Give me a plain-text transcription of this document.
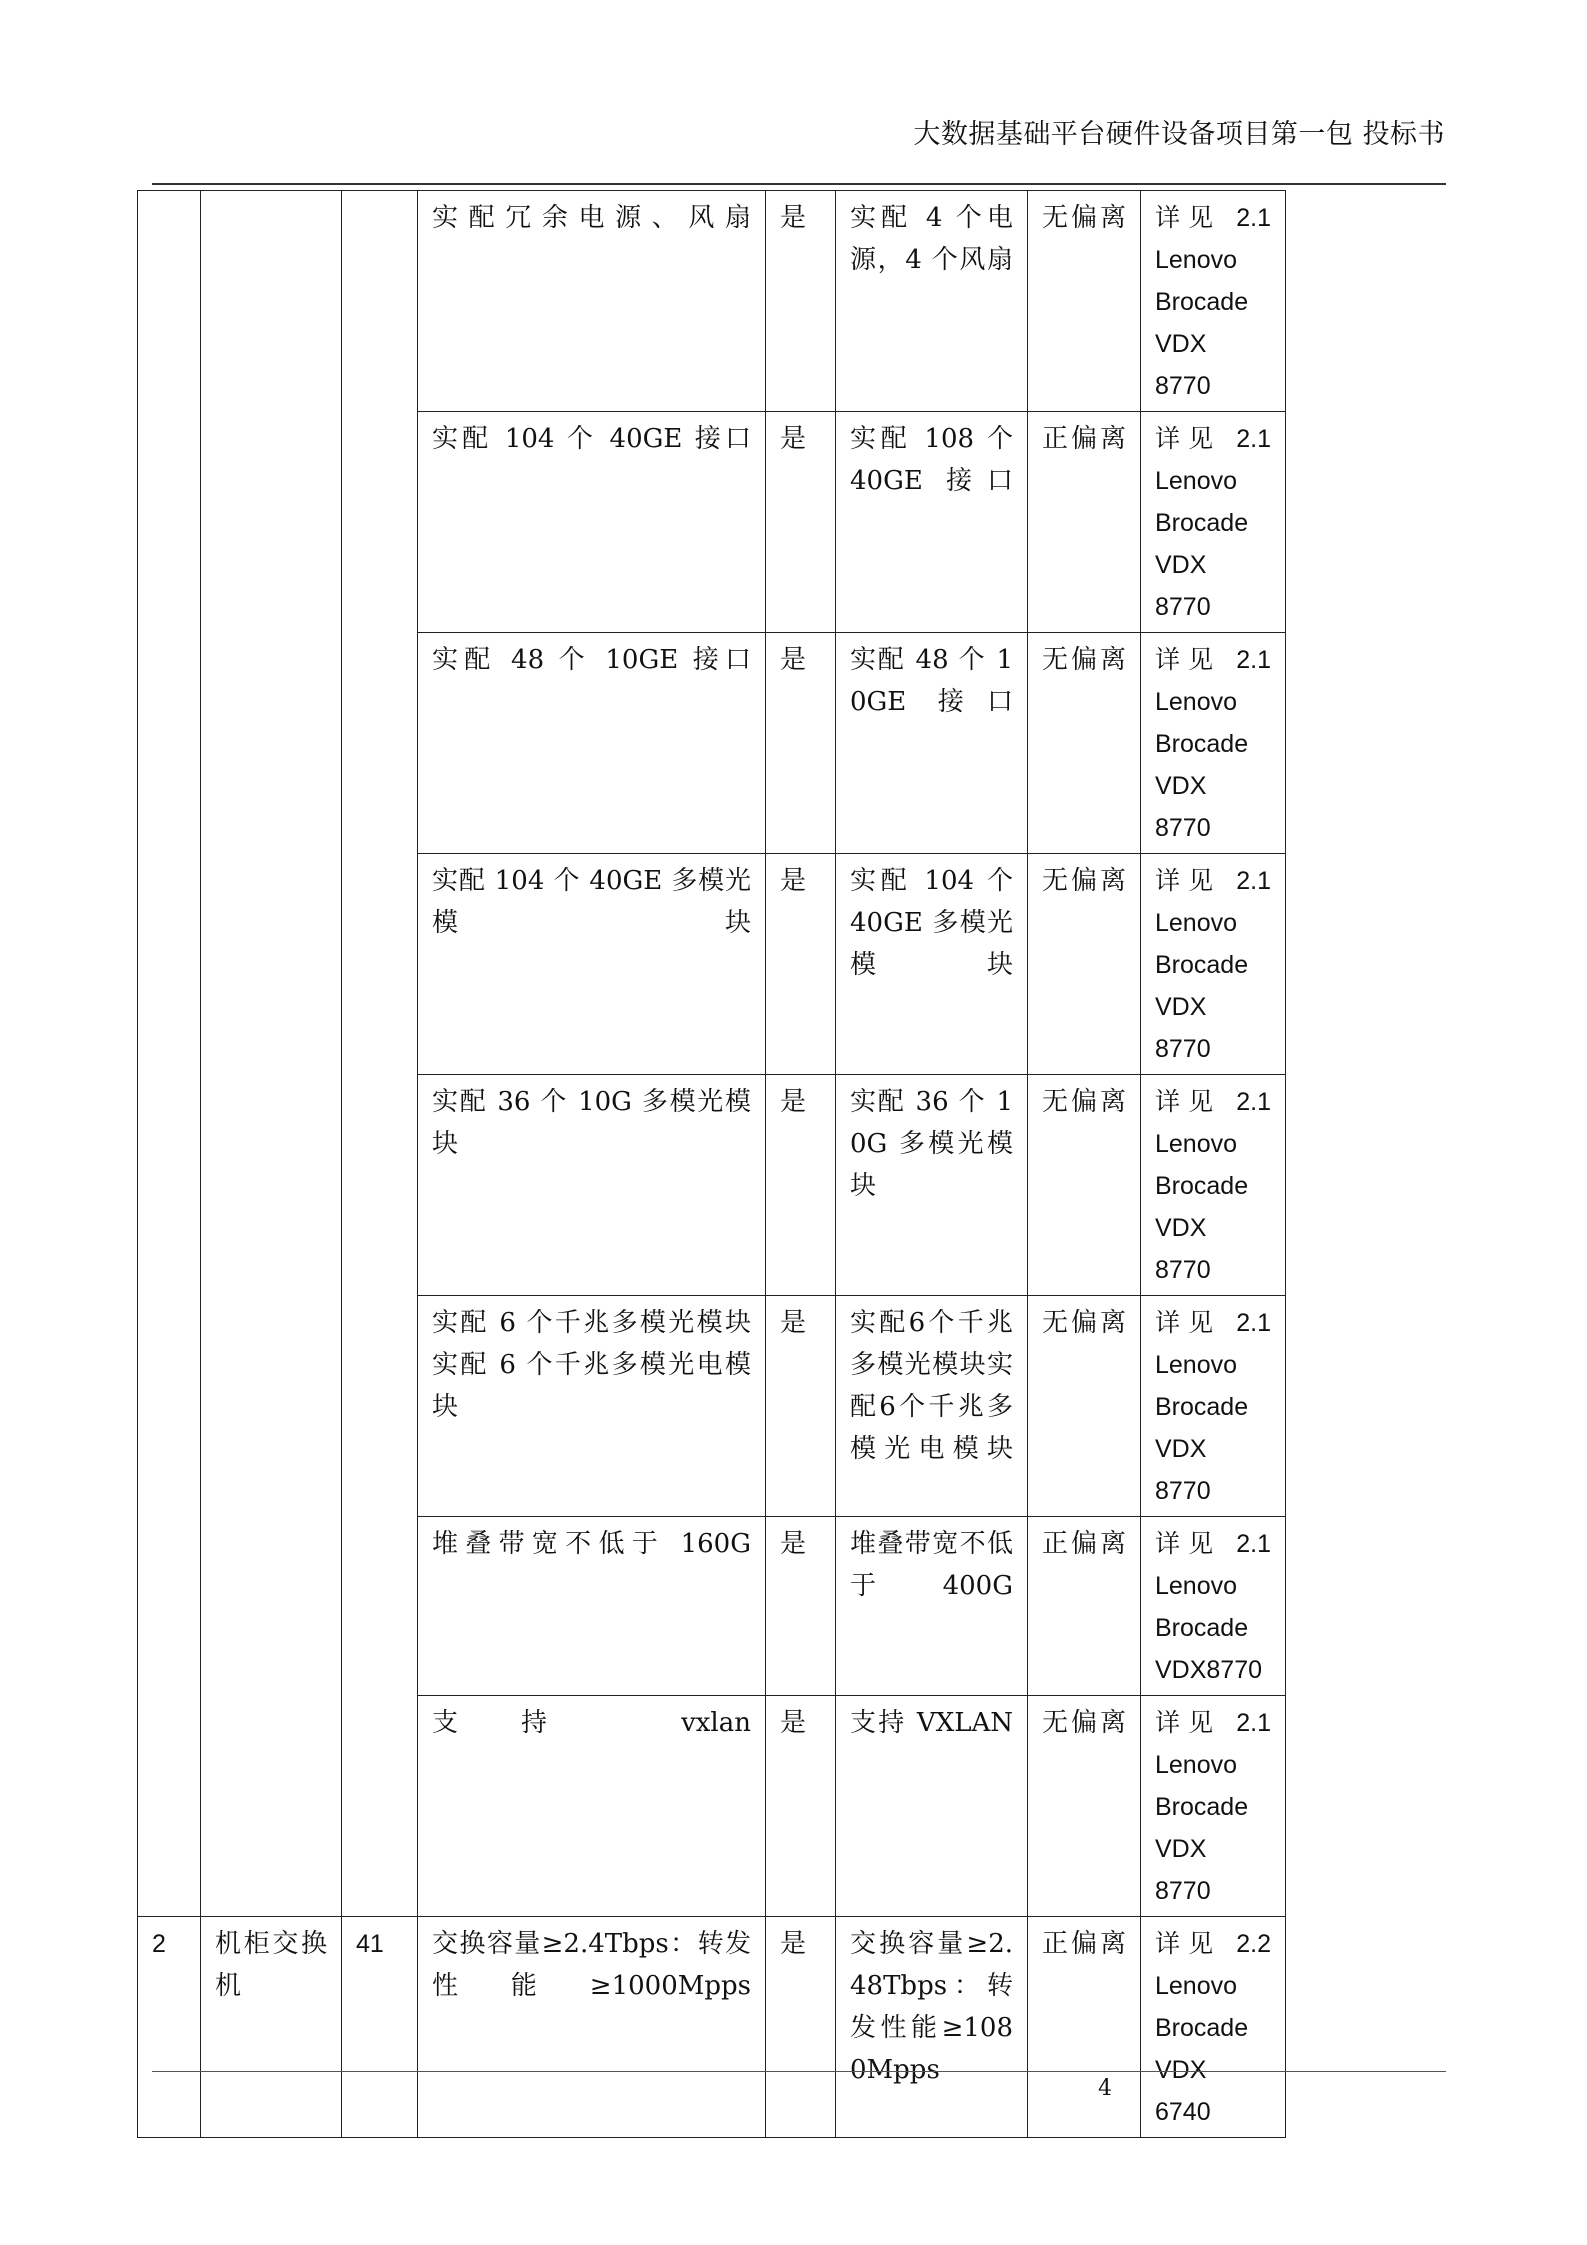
大数据基础平台硬件设备项目第一包 投标书
			实配冗余电源、风扇	是	实配 4 个电源，4 个风扇	无偏离	详见 2.1
Lenovo
Brocade
VDX
8770

			实配 104 个 40GE 接口	是	实配 108 个 40GE 接口	正偏离	详见 2.1
Lenovo
Brocade
VDX
8770

			实配 48 个 10GE 接口	是	实配 48 个 10GE 接口	无偏离	详见 2.1
Lenovo
Brocade
VDX
8770

			实配 104 个 40GE 多模光模块	是	实配 104 个 40GE 多模光模块	无偏离	详见 2.1
Lenovo
Brocade
VDX
8770

			实配 36 个 10G 多模光模块	是	实配 36 个 10G 多模光模块	无偏离	详见 2.1
Lenovo
Brocade
VDX
8770

			实配 6 个千兆多模光模块实配 6 个千兆多模光电模块	是	实配6个千兆多模光模块实配6个千兆多模光电模块	无偏离	详见 2.1
Lenovo
Brocade
VDX
8770

			堆叠带宽不低于 160G	是	堆叠带宽不低于 400G	正偏离	详见 2.1
Lenovo
Brocade
VDX8770

			支持 vxlan	是	支持 VXLAN	无偏离	详见 2.1
Lenovo
Brocade
VDX
8770

2	机柜交换机	41	交换容量≥2.4Tbps：转发性能≥1000Mpps	是	交换容量≥2.48Tbps：转发性能≥1080Mpps	正偏离	详见 2.2
Lenovo
Brocade
VDX
6740
4
